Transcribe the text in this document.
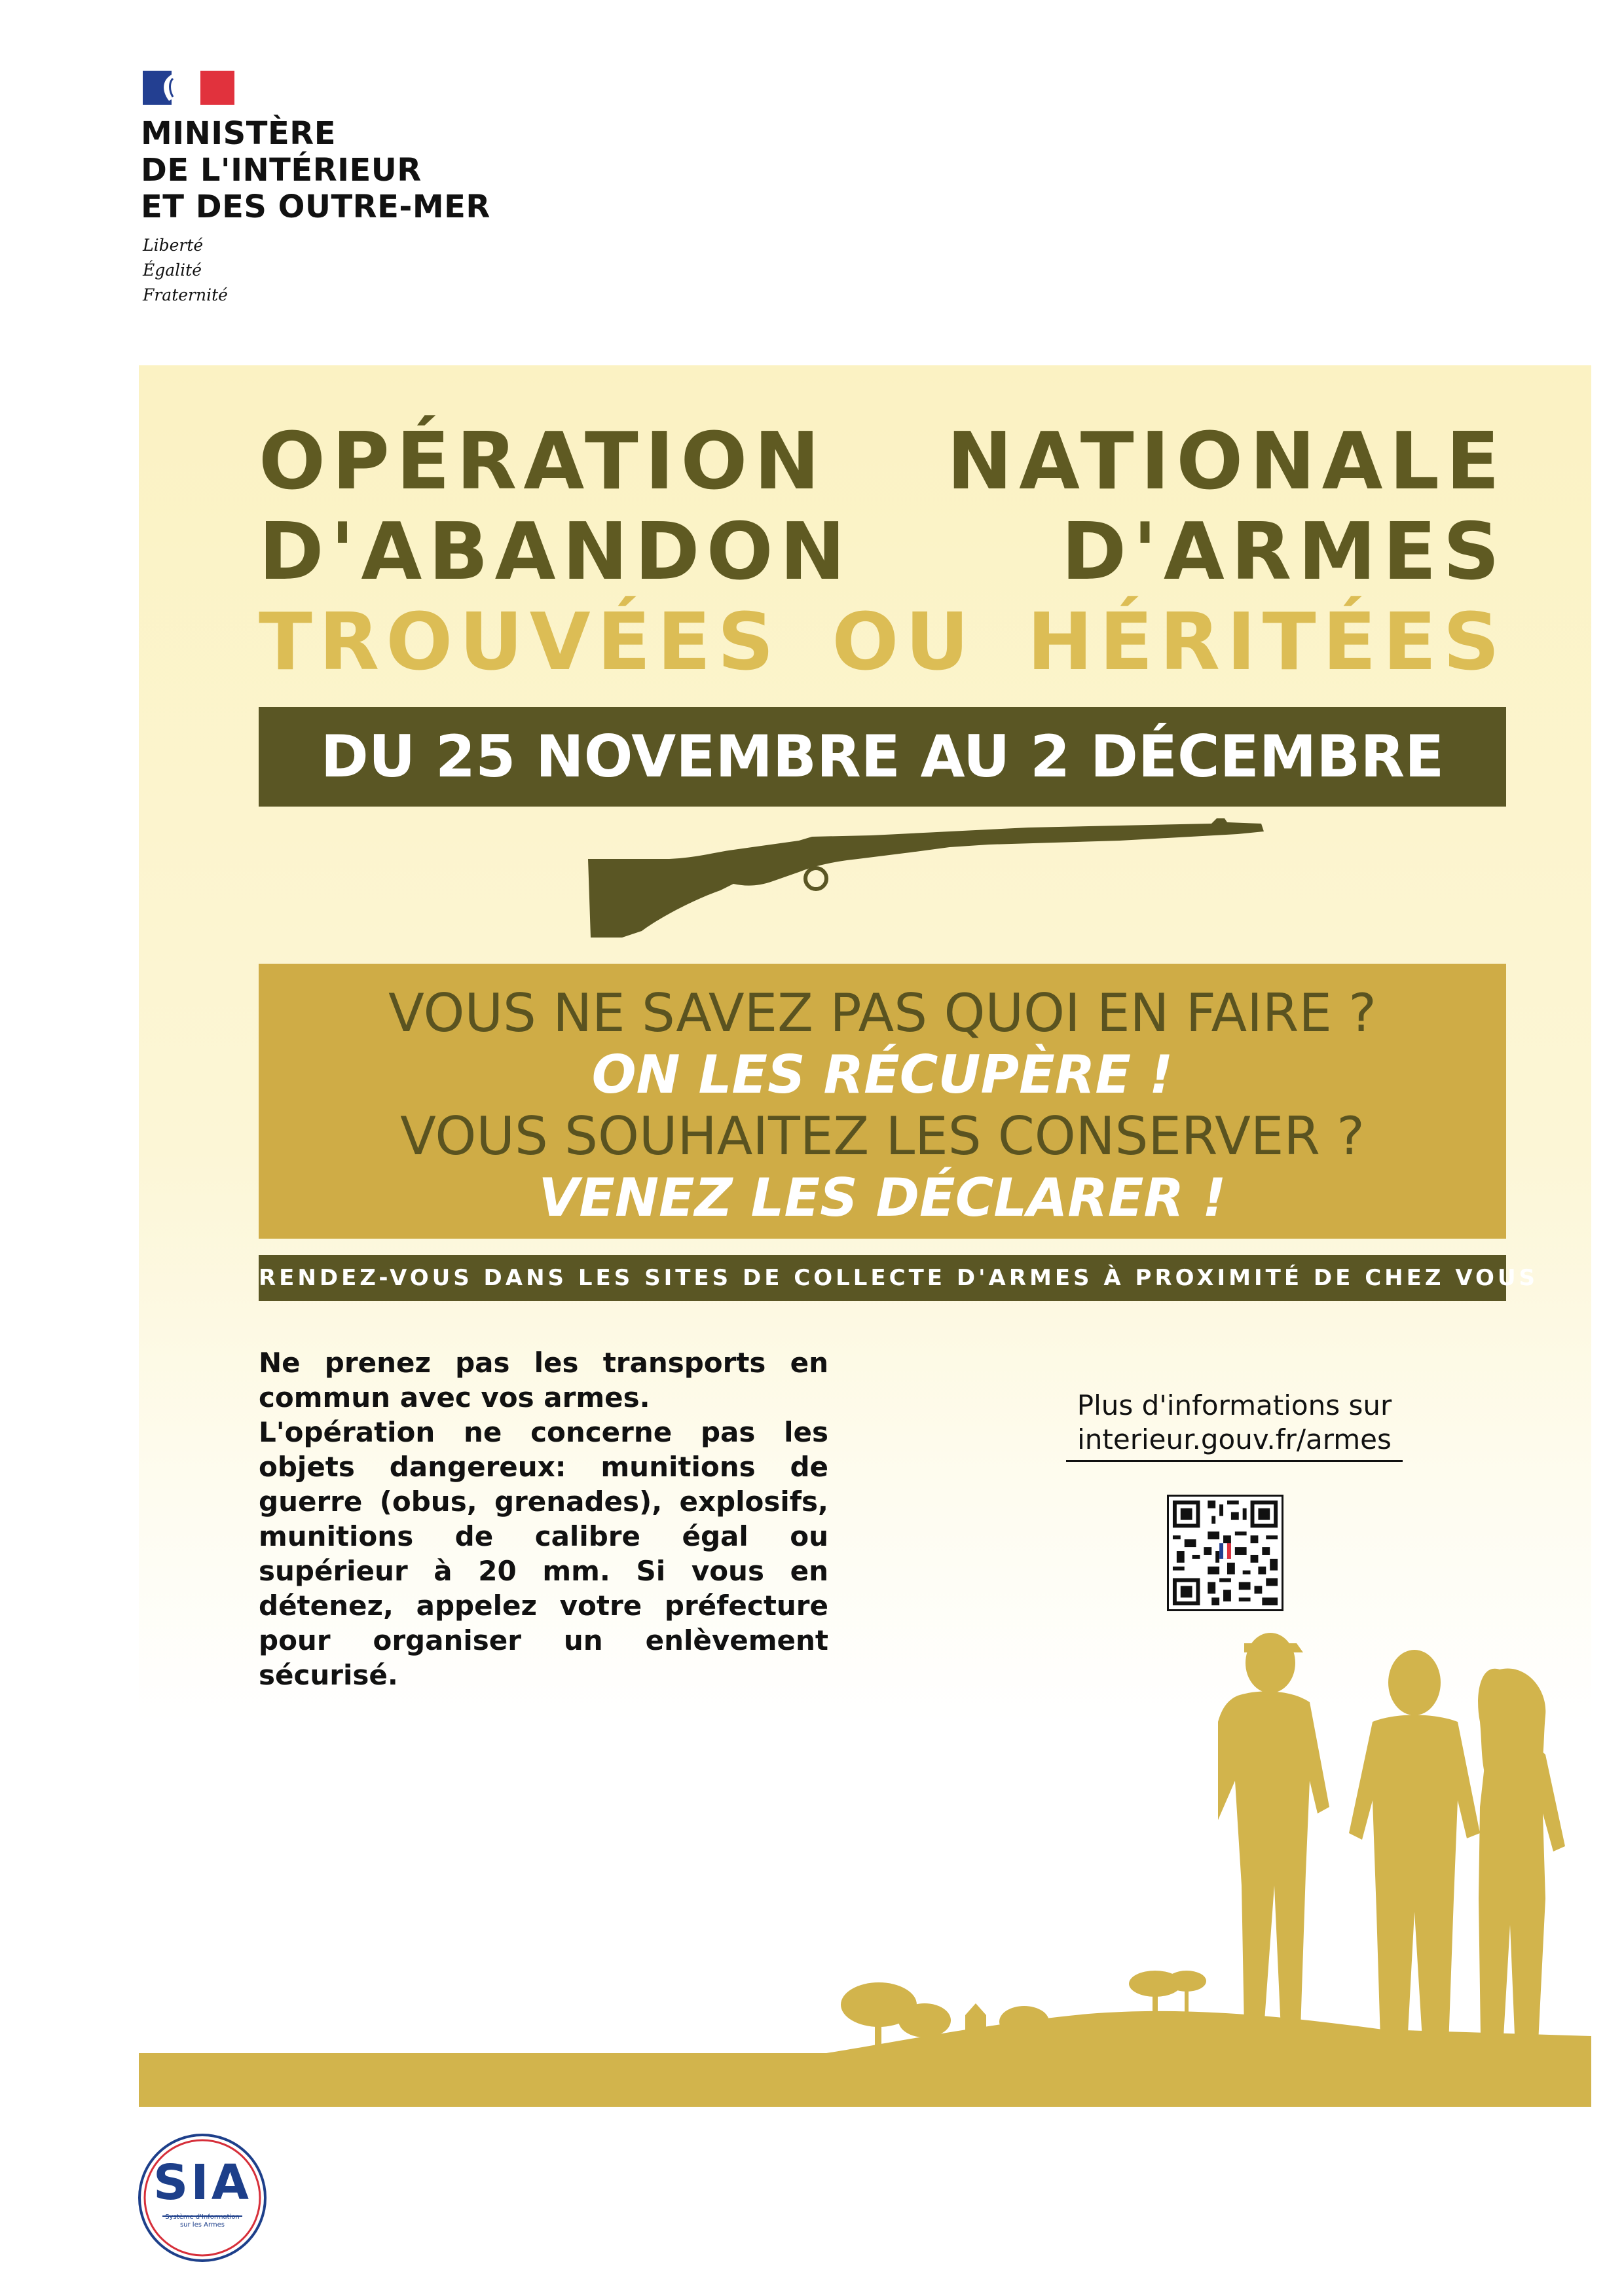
MINISTÈRE
DE L'INTÉRIEUR
ET DES OUTRE-MER
Liberté
Égalité
Fraternité
OPÉRATION NATIONALE
D'ABANDON D'ARMES
TROUVÉES OU HÉRITÉES
DU 25 NOVEMBRE AU 2 DÉCEMBRE
VOUS NE SAVEZ PAS QUOI EN FAIRE ?
ON LES RÉCUPÈRE !
VOUS SOUHAITEZ LES CONSERVER ?
VENEZ LES DÉCLARER !
RENDEZ-VOUS DANS LES SITES DE COLLECTE D'ARMES À PROXIMITÉ DE CHEZ VOUS

Ne prenez pas les transports en commun avec vos armes.

L'opération ne concerne pas les objets dangereux: munitions de guerre (obus, grenades), explosifs, munitions de calibre égal ou supérieur à 20 mm. Si vous en détenez, appelez votre préfecture pour organiser un enlèvement sécurisé.

Plus d'informations sur
interieur.gouv.fr/armes
SIA
Système d'Information
sur les Armes
